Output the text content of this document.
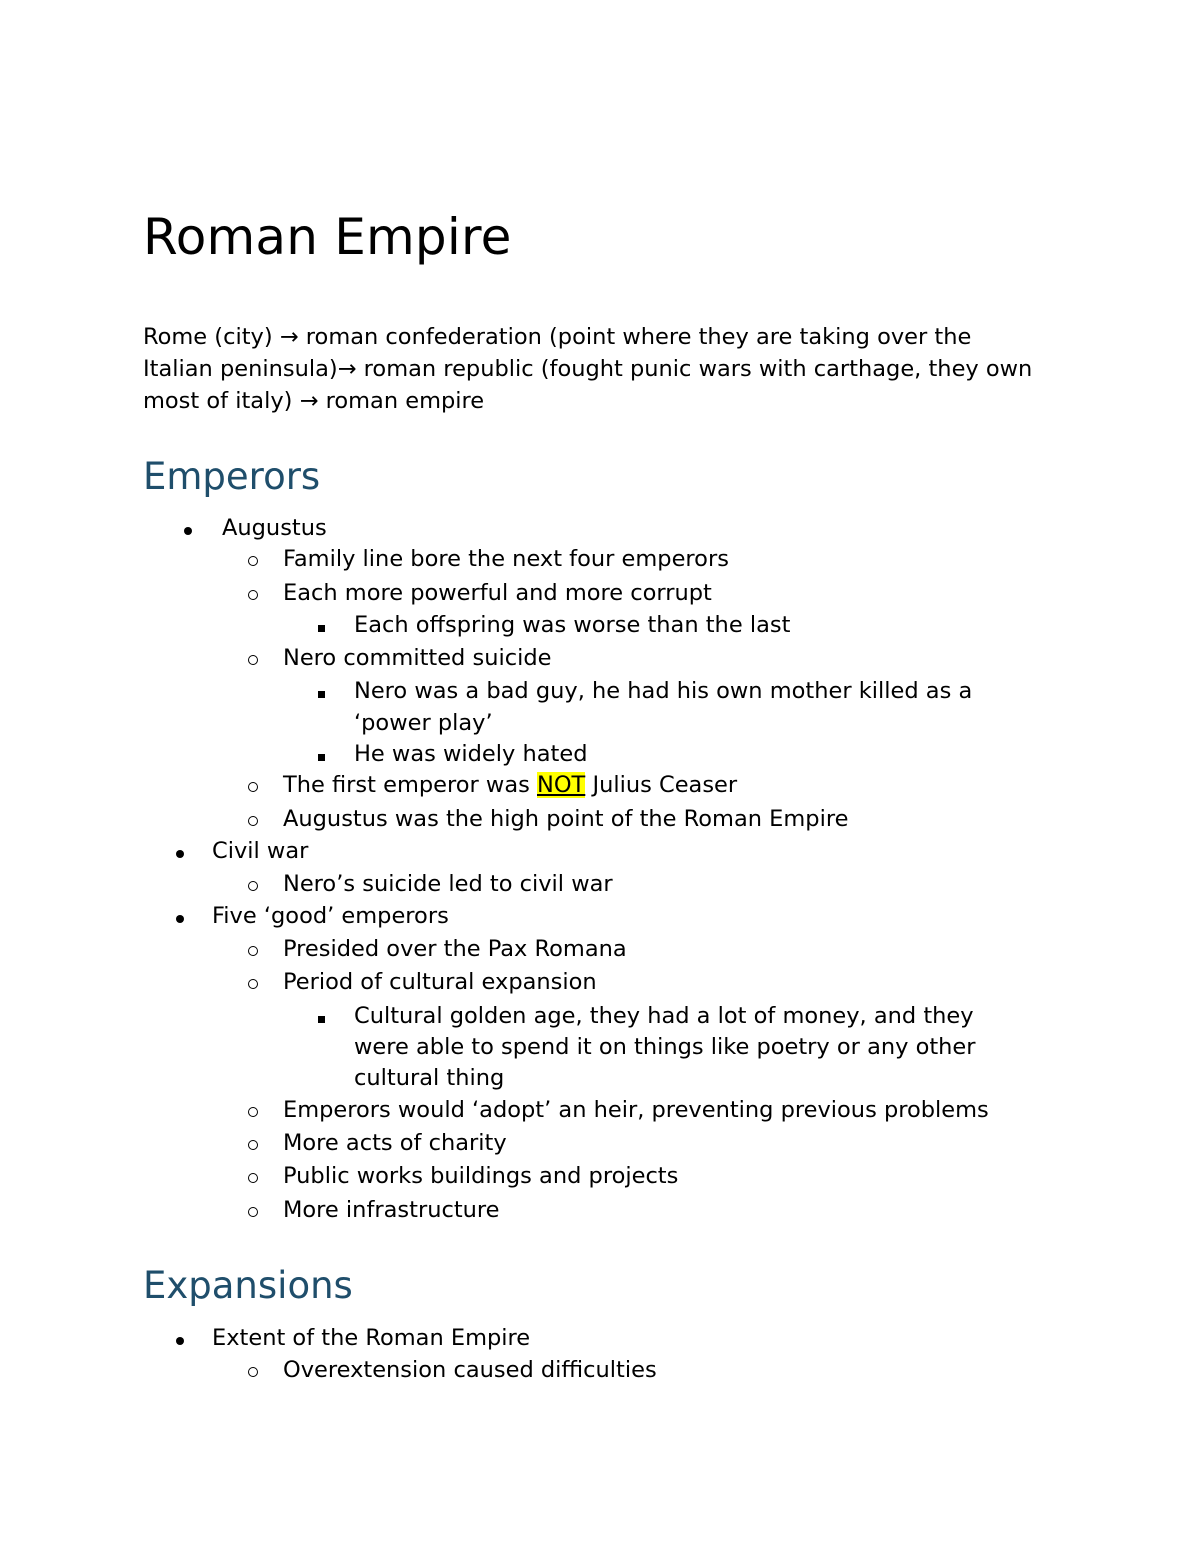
Roman Empire

Rome (city) → roman confederation (point where they are taking over the Italian peninsula)→ roman republic (fought punic wars with carthage, they own most of italy) → roman empire

Emperors
Augustus
Family line bore the next four emperors
Each more powerful and more corrupt
Each offspring was worse than the last
Nero committed suicide
Nero was a bad guy, he had his own mother killed as a
‘power play’
He was widely hated
The first emperor was NOT Julius Ceaser
Augustus was the high point of the Roman Empire
Civil war
Nero’s suicide led to civil war
Five ‘good’ emperors
Presided over the Pax Romana
Period of cultural expansion
Cultural golden age, they had a lot of money, and they
were able to spend it on things like poetry or any other
cultural thing
Emperors would ‘adopt’ an heir, preventing previous problems
More acts of charity
Public works buildings and projects
More infrastructure
Expansions
Extent of the Roman Empire
Overextension caused difficulties
